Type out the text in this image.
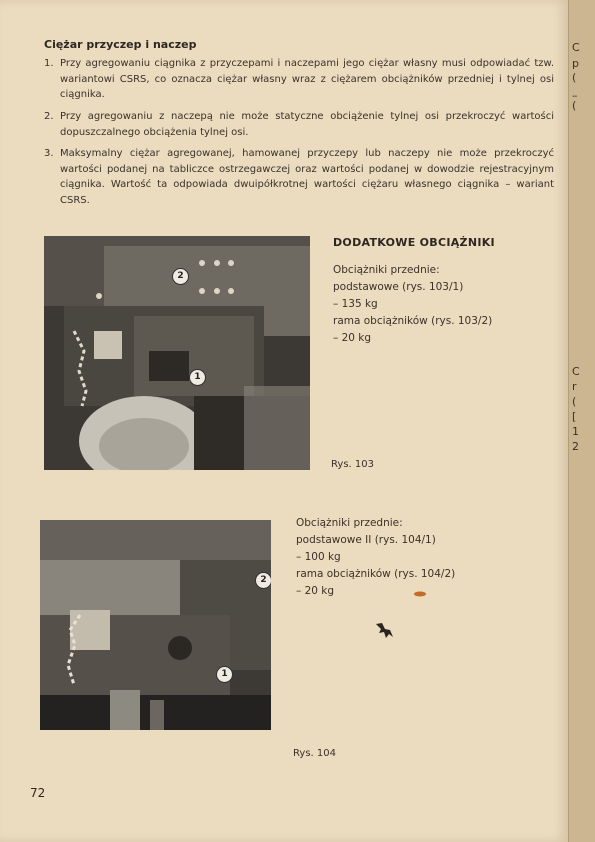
Ciężar przyczep i naczep
1. Przy agregowaniu ciągnika z przyczepami i naczepami jego ciężar własny musi odpowiadać tzw. wariantowi CSRS, co oznacza ciężar własny wraz z ciężarem obciążników przedniej i tylnej osi ciągnika.
2. Przy agregowaniu z naczepą nie może statyczne obciążenie tylnej osi przekroczyć wartości dopuszczalnego obciążenia tylnej osi.
3. Maksymalny ciężar agregowanej, hamowanej przyczepy lub naczepy nie może przekroczyć wartości podanej na tabliczce ostrzegawczej oraz wartości podanej w dowodzie rejestracyjnym ciągnika. Wartość ta odpowiada dwuipółkrotnej wartości ciężaru własnego ciągnika – wariant CSRS.
2
1
DODATKOWE OBCIĄŻNIKI
Obciążniki przednie:
podstawowe (rys. 103/1)
– 135 kg
rama obciążników (rys. 103/2)
– 20 kg
Rys. 103
2
1
Obciążniki przednie:
podstawowe II (rys. 104/1)
– 100 kg
rama obciążników (rys. 104/2)
– 20 kg
Rys. 104
72
C
p
(
–
(
C
r
(
[
1
2
